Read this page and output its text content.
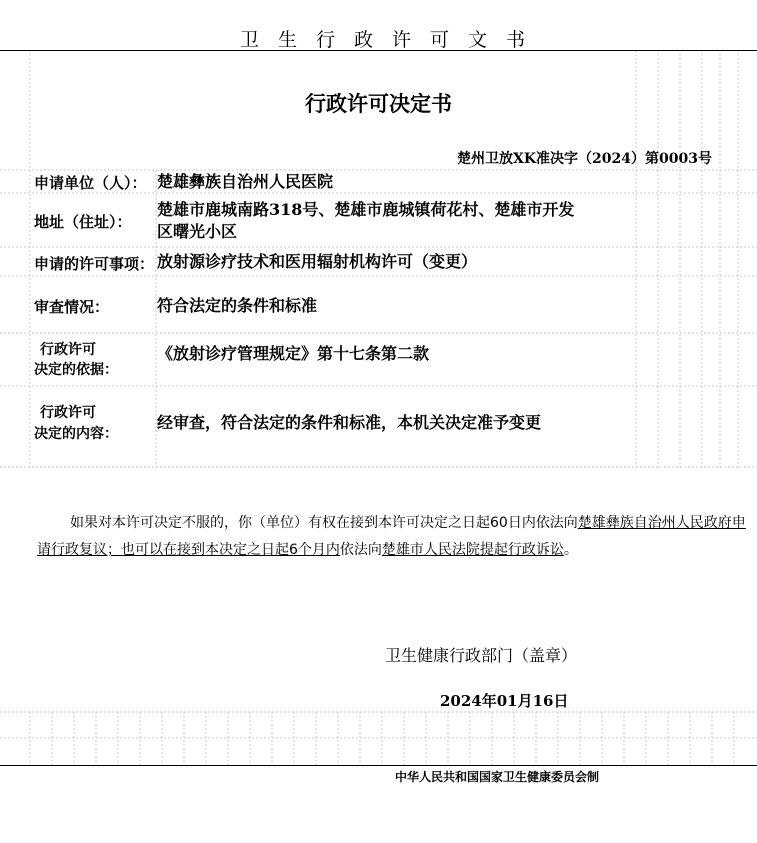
卫生行政许可文书
行政许可决定书
楚州卫放XK准决字（2024）第0003号
申请单位（人）： 楚雄彝族自治州人民医院
地址（住址）：
楚雄市鹿城南路318号、楚雄市鹿城镇荷花村、楚雄市开发
区曙光小区
申请的许可事项： 放射源诊疗技术和医用辐射机构许可（变更）
审查情况：	符合法定的条件和标准
行政许可
决定的依据：
《放射诊疗管理规定》第十七条第二款
行政许可
决定的内容：
经审查，符合法定的条件和标准，本机关决定准予变更
如果对本许可决定不服的，你（单位）有权在接到本许可决定之日起60日内依法向楚雄彝族自治州人民政府申请行政复议；也可以在接到本决定之日起6个月内依法向楚雄市人民法院提起行政诉讼。
卫生健康行政部门（盖章）
2024年01月16日
中华人民共和国国家卫生健康委员会制
